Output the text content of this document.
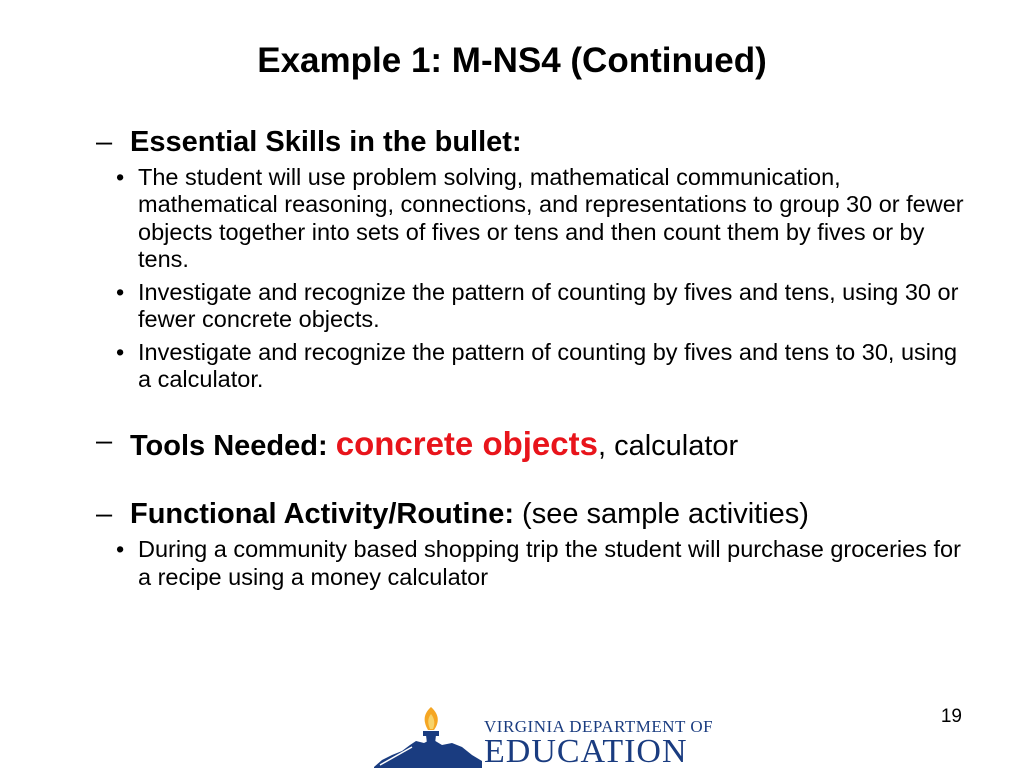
Example 1: M-NS4 (Continued)
– Essential Skills in the bullet:
• The student will use problem solving, mathematical communication, mathematical reasoning, connections, and representations to group 30 or fewer objects together into sets of fives or tens and then count them by fives or by tens.
• Investigate and recognize the pattern of counting by fives and tens, using 30 or fewer concrete objects.
• Investigate and recognize the pattern of counting by fives and tens to 30, using a calculator.
– Tools Needed: concrete objects, calculator
– Functional Activity/Routine: (see sample activities)
• During a community based shopping trip the student will purchase groceries for a recipe using a money calculator
19
VIRGINIA DEPARTMENT OF
EDUCATION
